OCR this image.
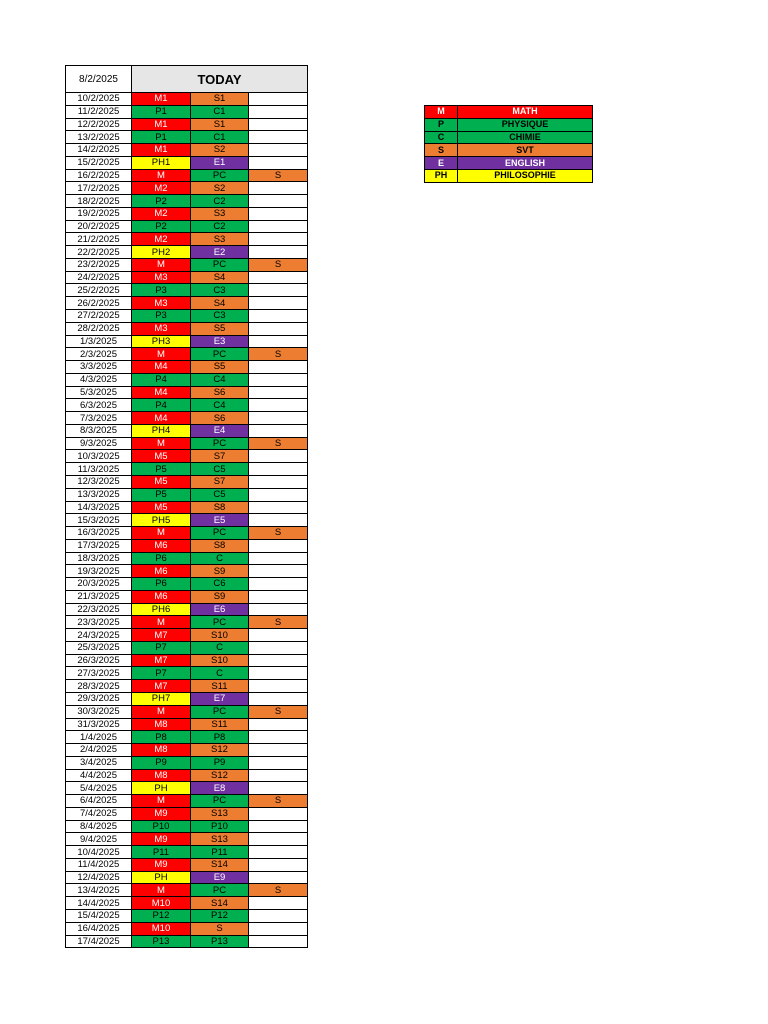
8/2/2025	TODAY		
10/2/2025	M1	S1	
11/2/2025	P1	C1	
12/2/2025	M1	S1	
13/2/2025	P1	C1	
14/2/2025	M1	S2	
15/2/2025	PH1	E1	
16/2/2025	M	PC	S
17/2/2025	M2	S2	
18/2/2025	P2	C2	
19/2/2025	M2	S3	
20/2/2025	P2	C2	
21/2/2025	M2	S3	
22/2/2025	PH2	E2	
23/2/2025	M	PC	S
24/2/2025	M3	S4	
25/2/2025	P3	C3	
26/2/2025	M3	S4	
27/2/2025	P3	C3	
28/2/2025	M3	S5	
1/3/2025	PH3	E3	
2/3/2025	M	PC	S
3/3/2025	M4	S5	
4/3/2025	P4	C4	
5/3/2025	M4	S6	
6/3/2025	P4	C4	
7/3/2025	M4	S6	
8/3/2025	PH4	E4	
9/3/2025	M	PC	S
10/3/2025	M5	S7	
11/3/2025	P5	C5	
12/3/2025	M5	S7	
13/3/2025	P5	C5	
14/3/2025	M5	S8	
15/3/2025	PH5	E5	
16/3/2025	M	PC	S
17/3/2025	M6	S8	
18/3/2025	P6	C	
19/3/2025	M6	S9	
20/3/2025	P6	C6	
21/3/2025	M6	S9	
22/3/2025	PH6	E6	
23/3/2025	M	PC	S
24/3/2025	M7	S10	
25/3/2025	P7	C	
26/3/2025	M7	S10	
27/3/2025	P7	C	
28/3/2025	M7	S11	
29/3/2025	PH7	E7	
30/3/2025	M	PC	S
31/3/2025	M8	S11	
1/4/2025	P8	P8	
2/4/2025	M8	S12	
3/4/2025	P9	P9	
4/4/2025	M8	S12	
5/4/2025	PH	E8	
6/4/2025	M	PC	S
7/4/2025	M9	S13	
8/4/2025	P10	P10	
9/4/2025	M9	S13	
10/4/2025	P11	P11	
11/4/2025	M9	S14	
12/4/2025	PH	E9	
13/4/2025	M	PC	S
14/4/2025	M10	S14	
15/4/2025	P12	P12	
16/4/2025	M10	S	
17/4/2025	P13	P13	
M	MATH
P	PHYSIQUE
C	CHIMIE
S	SVT
E	ENGLISH
PH	PHILOSOPHIE
